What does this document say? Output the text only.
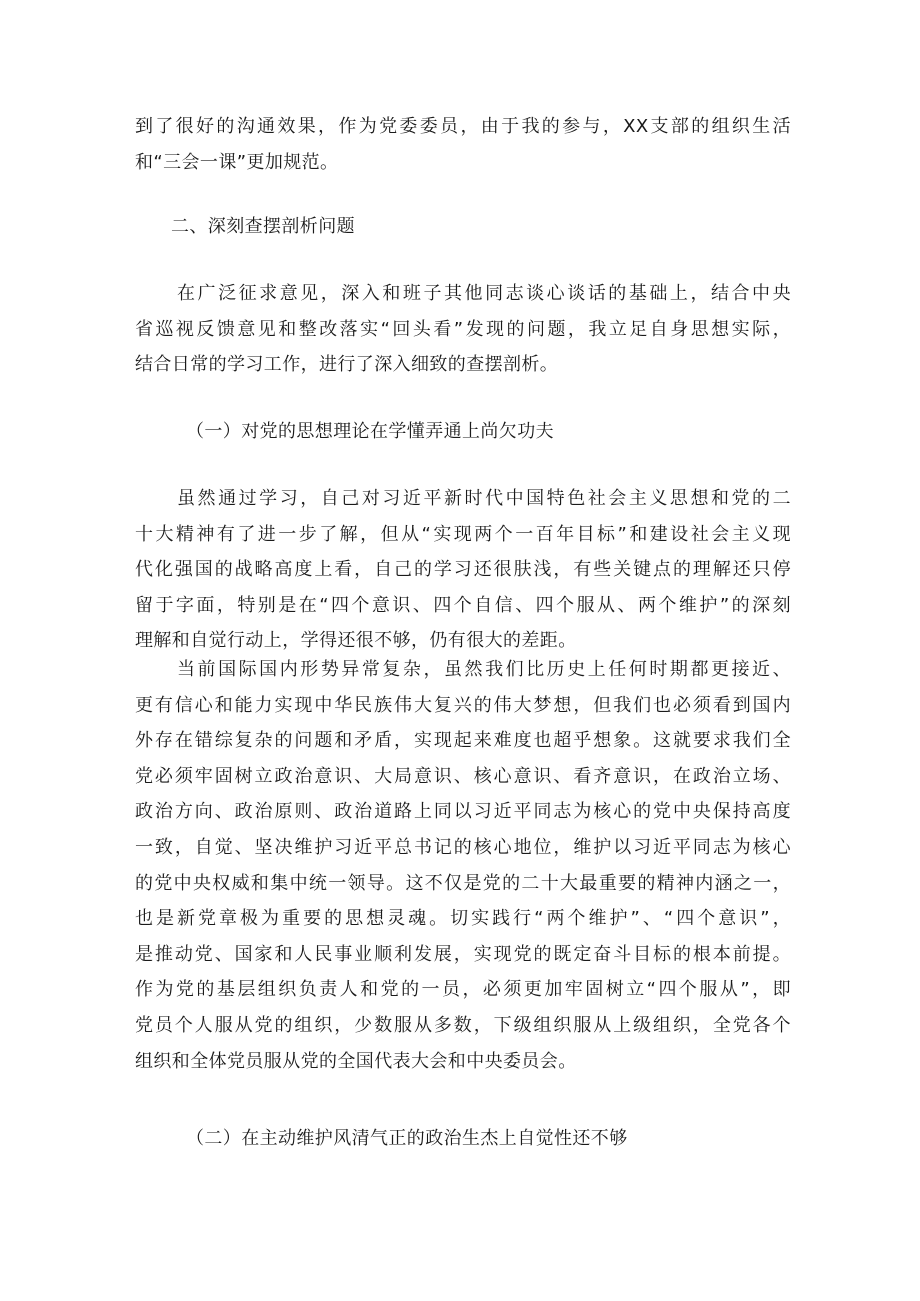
到了很好的沟通效果，作为党委委员，由于我的参与，XX支部的组织生活
和“三会一课”更加规范。
二、深刻查摆剖析问题
在广泛征求意见，深入和班子其他同志谈心谈话的基础上，结合中央
省巡视反馈意见和整改落实“回头看”发现的问题，我立足自身思想实际，
结合日常的学习工作，进行了深入细致的查摆剖析。
（一）对党的思想理论在学懂弄通上尚欠功夫
虽然通过学习，自己对习近平新时代中国特色社会主义思想和党的二
十大精神有了进一步了解，但从“实现两个一百年目标”和建设社会主义现
代化强国的战略高度上看，自己的学习还很肤浅，有些关键点的理解还只停
留于字面，特别是在“四个意识、四个自信、四个服从、两个维护”的深刻
理解和自觉行动上，学得还很不够，仍有很大的差距。
当前国际国内形势异常复杂，虽然我们比历史上任何时期都更接近、
更有信心和能力实现中华民族伟大复兴的伟大梦想，但我们也必须看到国内
外存在错综复杂的问题和矛盾，实现起来难度也超乎想象。这就要求我们全
党必须牢固树立政治意识、大局意识、核心意识、看齐意识，在政治立场、
政治方向、政治原则、政治道路上同以习近平同志为核心的党中央保持高度
一致，自觉、坚决维护习近平总书记的核心地位，维护以习近平同志为核心
的党中央权威和集中统一领导。这不仅是党的二十大最重要的精神内涵之一，
也是新党章极为重要的思想灵魂。切实践行“两个维护”、“四个意识”，
是推动党、国家和人民事业顺利发展，实现党的既定奋斗目标的根本前提。
作为党的基层组织负责人和党的一员，必须更加牢固树立“四个服从”，即
党员个人服从党的组织，少数服从多数，下级组织服从上级组织，全党各个
组织和全体党员服从党的全国代表大会和中央委员会。
（二）在主动维护风清气正的政治生杰上自觉性还不够
